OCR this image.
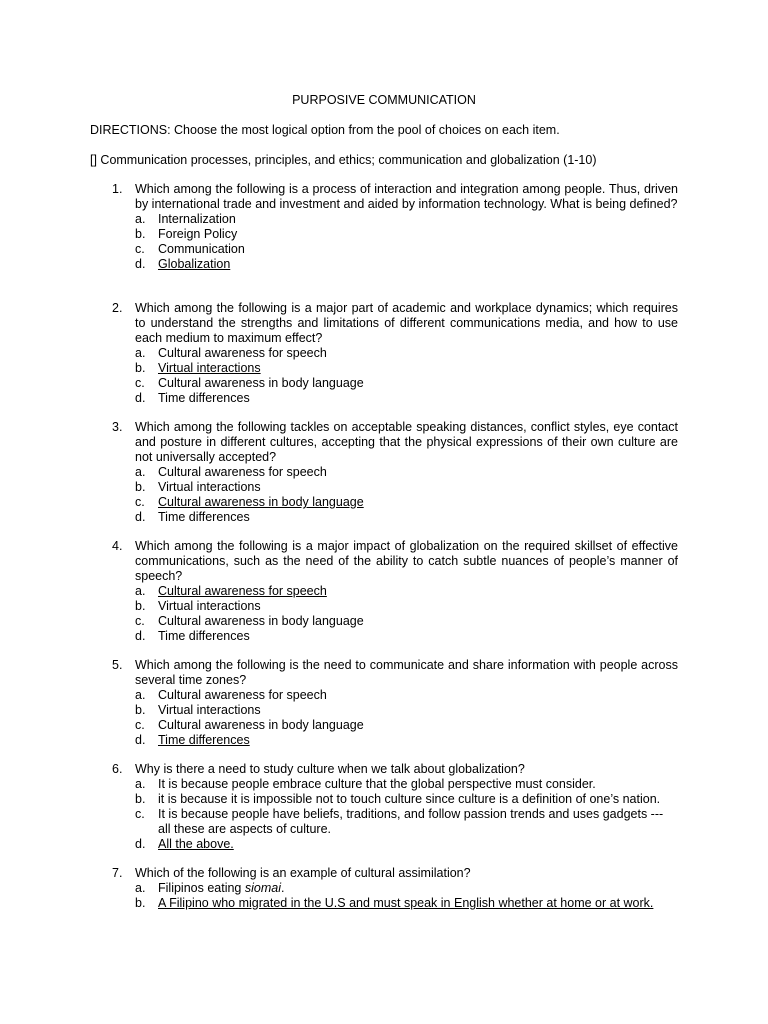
PURPOSIVE COMMUNICATION
DIRECTIONS: Choose the most logical option from the pool of choices on each item.
[] Communication processes, principles, and ethics; communication and globalization (1-10)
1. Which among the following is a process of interaction and integration among people. Thus, driven by international trade and investment and aided by information technology. What is being defined?
a. Internalization
b. Foreign Policy
c. Communication
d. Globalization
2. Which among the following is a major part of academic and workplace dynamics; which requires to understand the strengths and limitations of different communications media, and how to use each medium to maximum effect?
a. Cultural awareness for speech
b. Virtual interactions
c. Cultural awareness in body language
d. Time differences
3. Which among the following tackles on acceptable speaking distances, conflict styles, eye contact and posture in different cultures, accepting that the physical expressions of their own culture are not universally accepted?
a. Cultural awareness for speech
b. Virtual interactions
c. Cultural awareness in body language
d. Time differences
4. Which among the following is a major impact of globalization on the required skillset of effective communications, such as the need of the ability to catch subtle nuances of people’s manner of speech?
a. Cultural awareness for speech
b. Virtual interactions
c. Cultural awareness in body language
d. Time differences
5. Which among the following is the need to communicate and share information with people across several time zones?
a. Cultural awareness for speech
b. Virtual interactions
c. Cultural awareness in body language
d. Time differences
6. Why is there a need to study culture when we talk about globalization?
a. It is because people embrace culture that the global perspective must consider.
b. it is because it is impossible not to touch culture since culture is a definition of one’s nation.
c. It is because people have beliefs, traditions, and follow passion trends and uses gadgets --- all these are aspects of culture.
d. All the above.
7. Which of the following is an example of cultural assimilation?
a. Filipinos eating siomai.
b. A Filipino who migrated in the U.S and must speak in English whether at home or at work.
